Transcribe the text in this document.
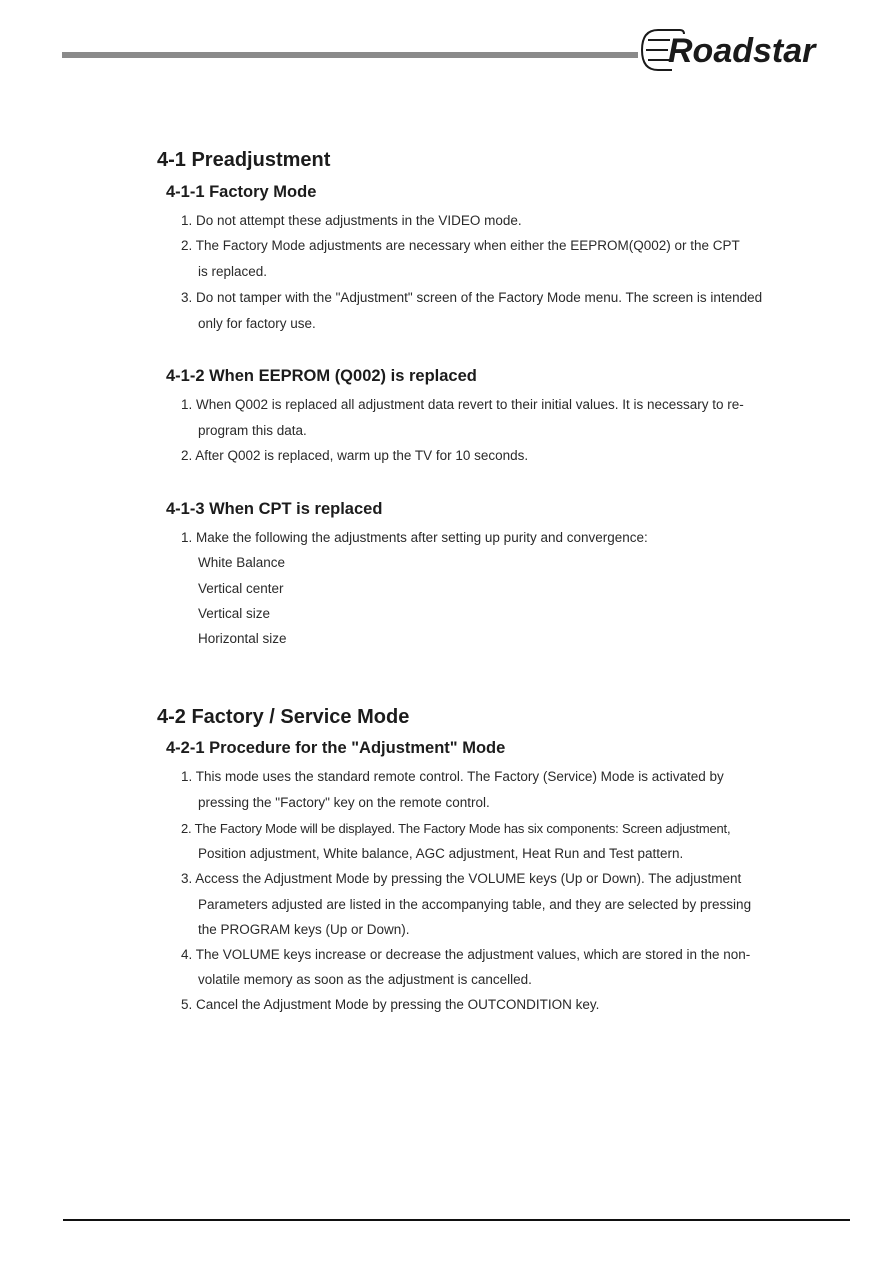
Roadstar
4-1 Preadjustment
4-1-1 Factory Mode
1. Do not attempt these adjustments in the VIDEO mode.
2. The Factory Mode adjustments are necessary when either the EEPROM(Q002) or the CPT
is replaced.
3. Do not tamper with the "Adjustment" screen of the Factory Mode menu. The screen is intended
only for factory use.
4-1-2 When EEPROM (Q002) is replaced
1. When Q002 is replaced all adjustment data revert to their initial values. It is necessary to re-
program this data.
2. After Q002 is replaced, warm up the TV for 10 seconds.
4-1-3 When CPT is replaced
1. Make the following the adjustments after setting up purity and convergence:
White Balance
Vertical center
Vertical size
Horizontal size
4-2 Factory / Service Mode
4-2-1 Procedure for the "Adjustment" Mode
1. This mode uses the standard remote control. The Factory (Service) Mode is activated by
pressing the "Factory" key on the remote control.
2. The Factory Mode will be displayed. The Factory Mode has six components: Screen adjustment,
Position adjustment, White balance, AGC adjustment, Heat Run and Test pattern.
3. Access the Adjustment Mode by pressing the VOLUME keys (Up or Down). The adjustment
Parameters adjusted are listed in the accompanying table, and they are selected by pressing
the PROGRAM keys (Up or Down).
4. The VOLUME keys increase or decrease the adjustment values, which are stored in the non-
volatile memory as soon as the adjustment is cancelled.
5. Cancel the Adjustment Mode by pressing the OUTCONDITION key.
